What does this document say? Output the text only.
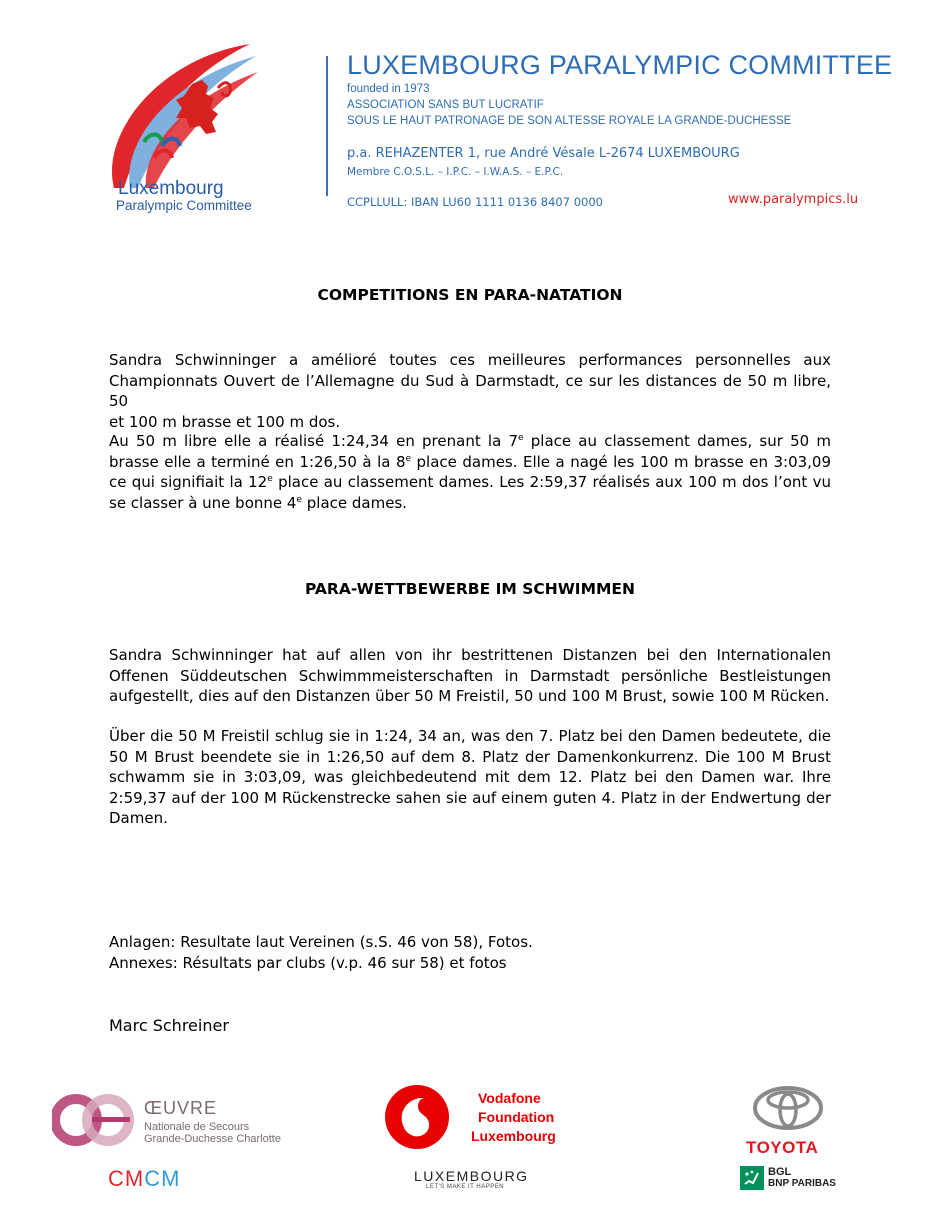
Luxembourg
Paralympic Committee
LUXEMBOURG PARALYMPIC COMMITTEE
founded in 1973
ASSOCIATION SANS BUT LUCRATIF
SOUS LE HAUT PATRONAGE DE SON ALTESSE ROYALE LA GRANDE-DUCHESSE
p.a. REHAZENTER 1, rue André Vésale L-2674 LUXEMBOURG
Membre C.O.S.L. – I.P.C. – I.W.A.S. – E.P.C.
CCPLLULL: IBAN LU60 1111 0136 8407 0000	www.paralympics.lu
COMPETITIONS EN PARA-NATATION
Sandra Schwinninger a amélioré toutes ces meilleures performances personnelles aux
Championnats Ouvert de l’Allemagne du Sud à Darmstadt, ce sur les distances de 50 m libre, 50
et 100 m brasse et 100 m dos.
Au 50 m libre elle a réalisé 1:24,34 en prenant la 7e place au classement dames, sur 50 m
brasse elle a terminé en 1:26,50 à la 8e place dames. Elle a nagé les 100 m brasse en 3:03,09
ce qui signifiait la 12e place au classement dames. Les 2:59,37 réalisés aux 100 m dos l’ont vu
se classer à une bonne 4e place dames.
PARA-WETTBEWERBE IM SCHWIMMEN
Sandra Schwinninger hat auf allen von ihr bestrittenen Distanzen bei den Internationalen
Offenen Süddeutschen Schwimmmeisterschaften in Darmstadt persönliche Bestleistungen
aufgestellt, dies auf den Distanzen über 50 M Freistil, 50 und 100 M Brust, sowie 100 M Rücken.
Über die 50 M Freistil schlug sie in 1:24, 34 an, was den 7. Platz bei den Damen bedeutete, die
50 M Brust beendete sie in 1:26,50 auf dem 8. Platz der Damenkonkurrenz. Die 100 M Brust
schwamm sie in 3:03,09, was gleichbedeutend mit dem 12. Platz bei den Damen war. Ihre
2:59,37 auf der 100 M Rückenstrecke sahen sie auf einem guten 4. Platz in der Endwertung der
Damen.
Anlagen: Resultate laut Vereinen (s.S. 46 von 58), Fotos.
Annexes: Résultats par clubs (v.p. 46 sur 58) et fotos
Marc Schreiner
ŒUVRE
Nationale de Secours
Grande-Duchesse Charlotte
CMCM
Vodafone
Foundation
Luxembourg
LUXEMBOURG
LET'S MAKE IT HAPPEN
TOYOTA
BGL
BNP PARIBAS
